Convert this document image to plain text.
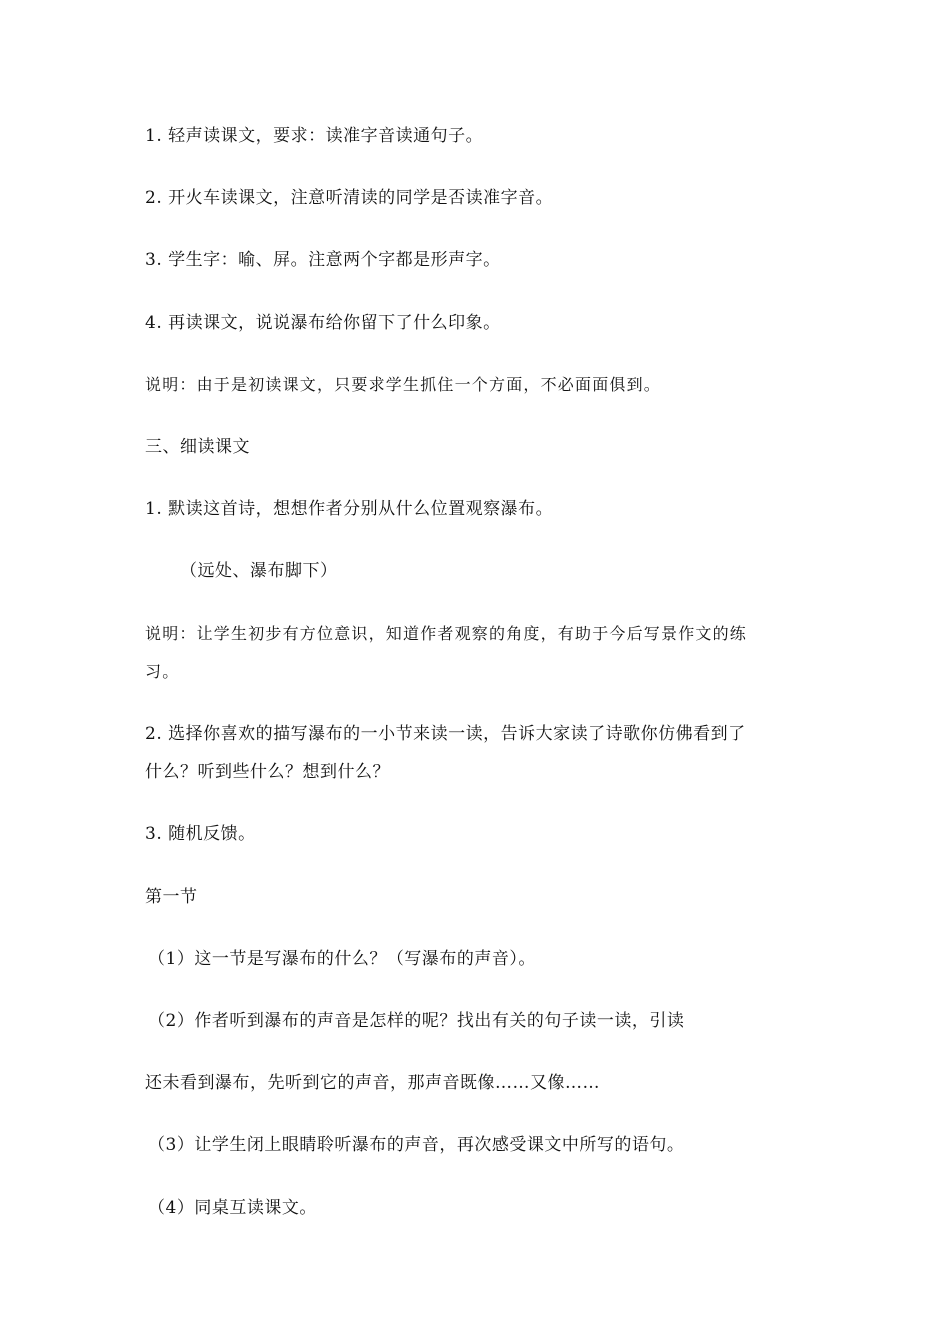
1. 轻声读课文，要求：读准字音读通句子。
2. 开火车读课文，注意听清读的同学是否读准字音。
3. 学生字：喻、屏。注意两个字都是形声字。
4. 再读课文，说说瀑布给你留下了什么印象。
说明：由于是初读课文，只要求学生抓住一个方面，不必面面俱到。
三、细读课文
1. 默读这首诗，想想作者分别从什么位置观察瀑布。
（远处、瀑布脚下）
说明：让学生初步有方位意识，知道作者观察的角度，有助于今后写景作文的练
习。
2. 选择你喜欢的描写瀑布的一小节来读一读，告诉大家读了诗歌你仿佛看到了
什么？听到些什么？想到什么？
3. 随机反馈。
第一节
（1）这一节是写瀑布的什么？（写瀑布的声音）。
（2）作者听到瀑布的声音是怎样的呢？找出有关的句子读一读，引读
还未看到瀑布，先听到它的声音，那声音既像……又像……
（3）让学生闭上眼睛聆听瀑布的声音，再次感受课文中所写的语句。
（4）同桌互读课文。
